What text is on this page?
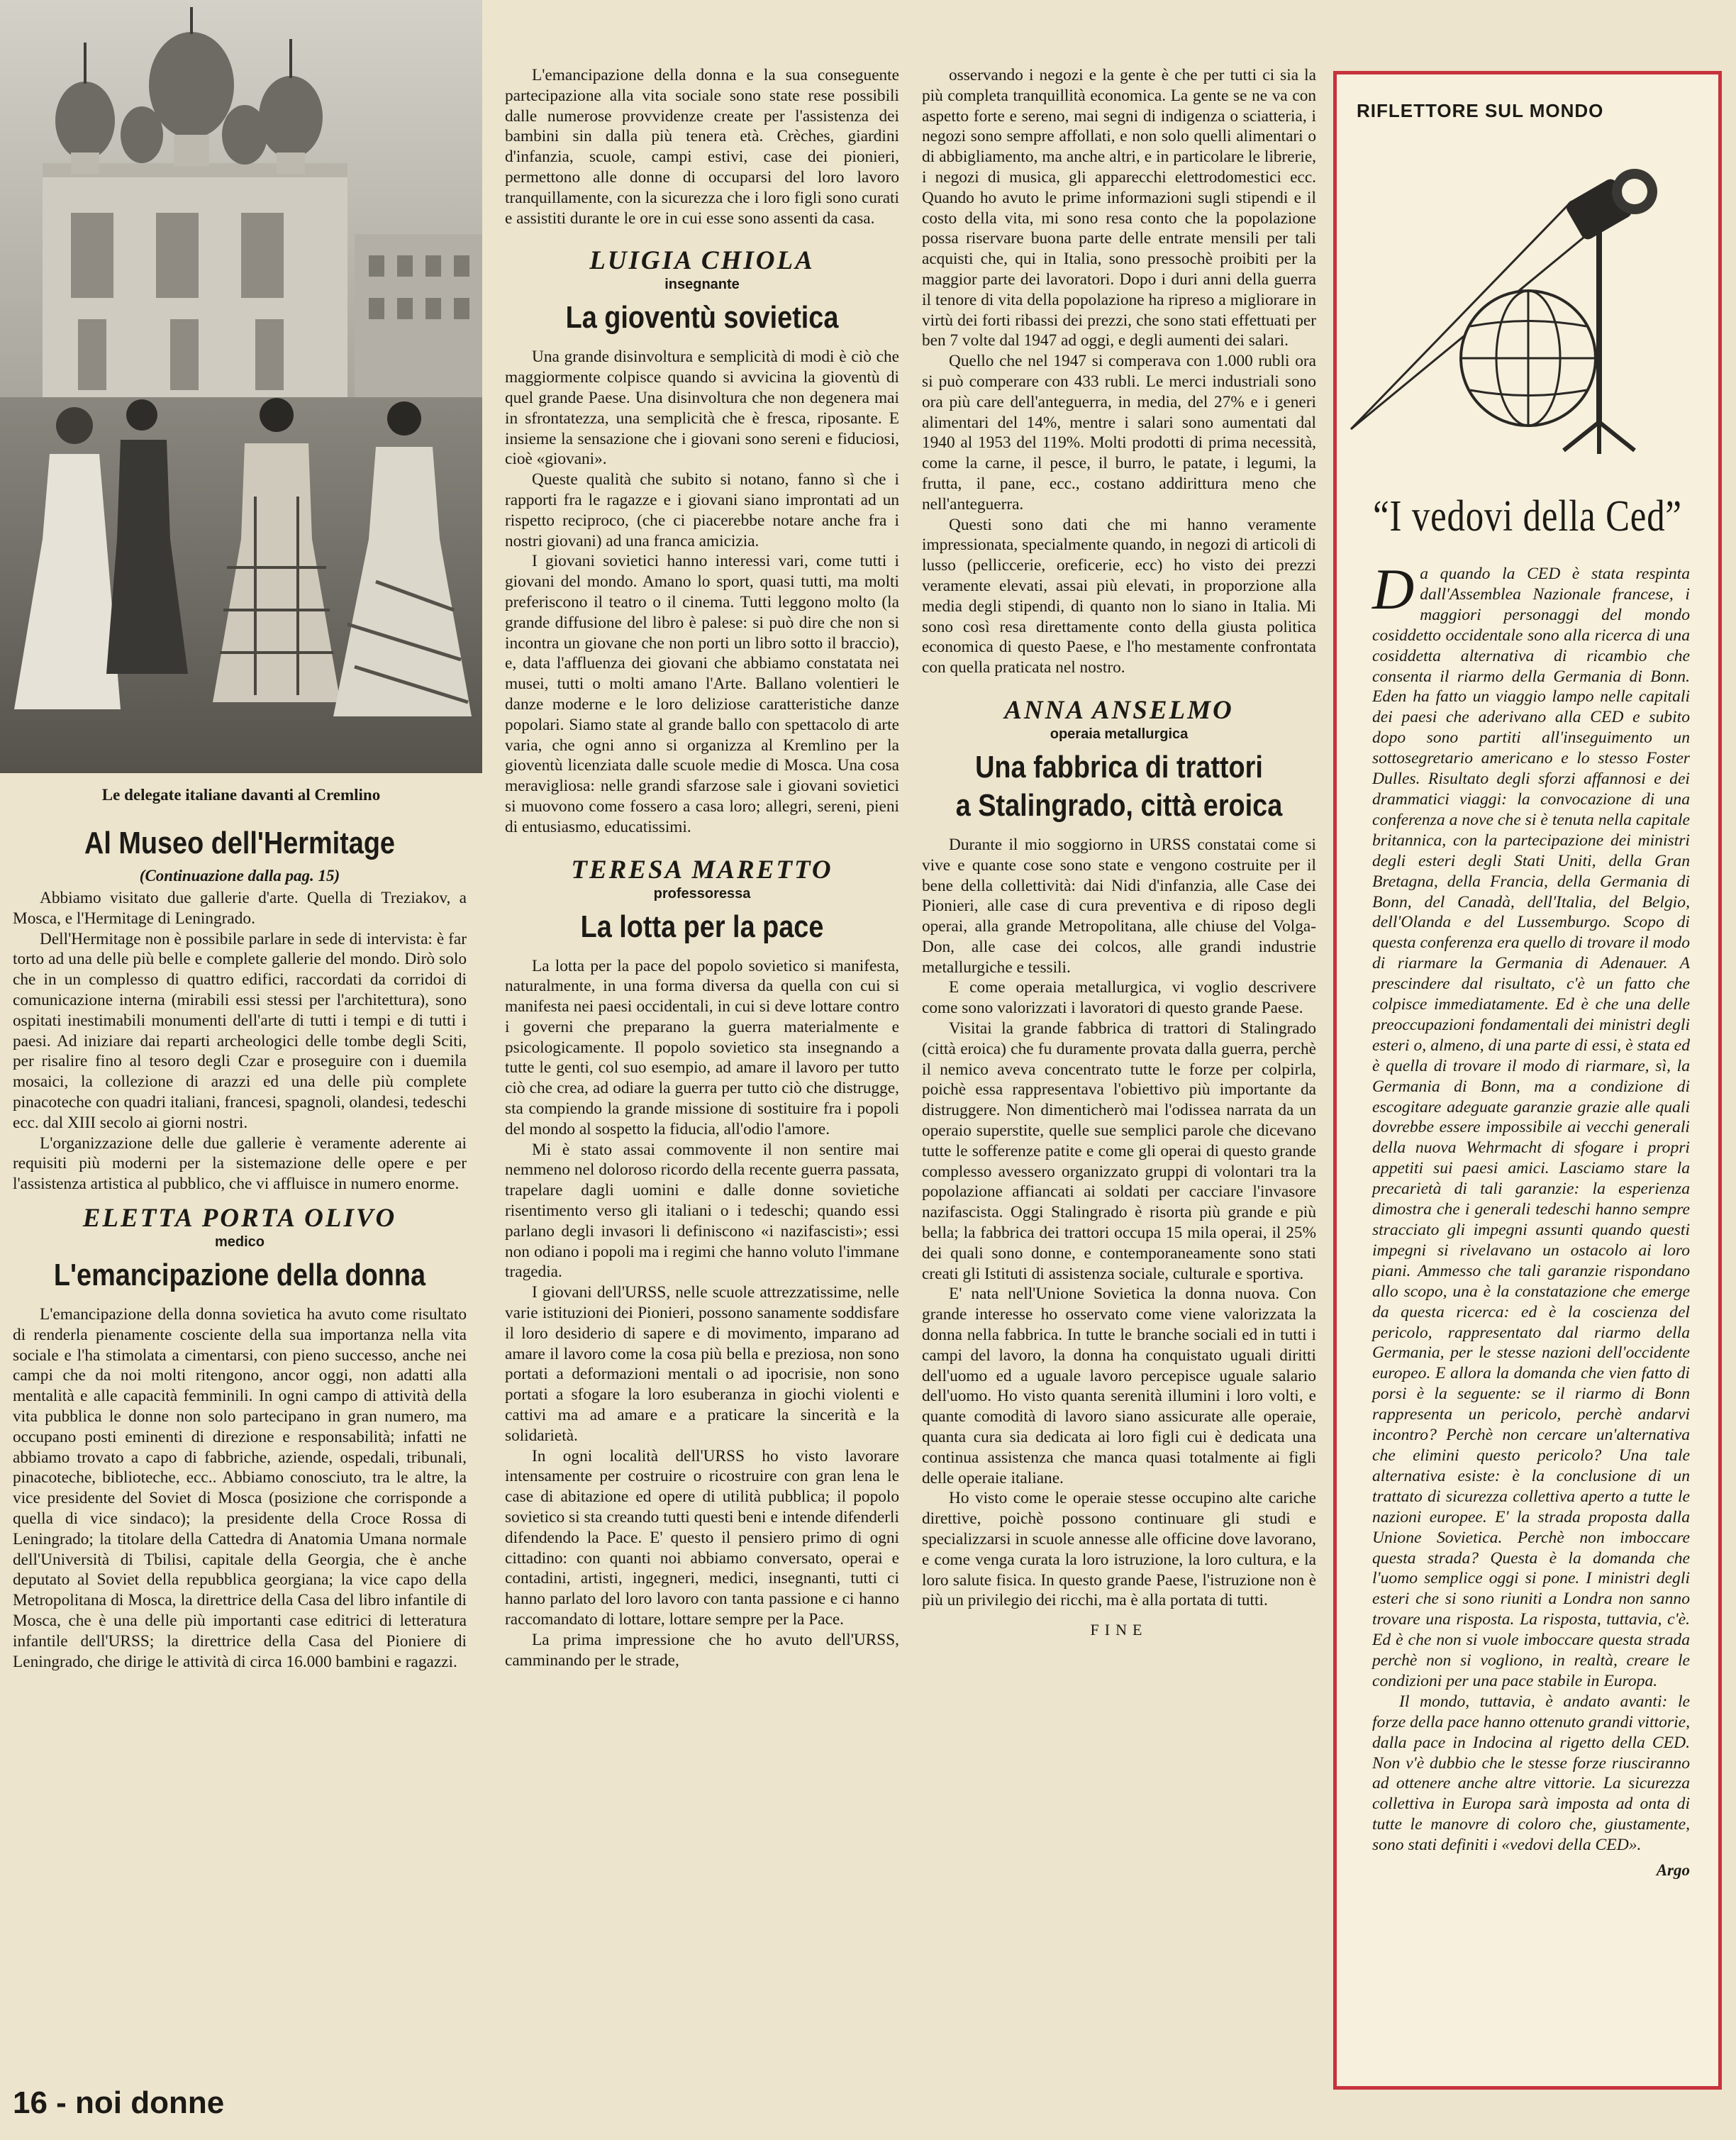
Le delegate italiane davanti al Cremlino
Al Museo dell'Hermitage
(Continuazione dalla pag. 15)

Abbiamo visitato due gallerie d'arte. Quella di Treziakov, a Mosca, e l'Hermitage di Leningrado.

Dell'Hermitage non è possibile parlare in sede di intervista: è far torto ad una delle più belle e complete gallerie del mondo. Dirò solo che in un complesso di quattro edifici, raccordati da corridoi di comunicazione interna (mirabili essi stessi per l'architettura), sono ospitati inestimabili monumenti dell'arte di tutti i tempi e di tutti i paesi. Ad iniziare dai reparti archeologici delle tombe degli Sciti, per risalire fino al tesoro degli Czar e proseguire con i duemila mosaici, la collezione di arazzi ed una delle più complete pinacoteche con quadri italiani, francesi, spagnoli, olandesi, tedeschi ecc. dal XIII secolo ai giorni nostri.

L'organizzazione delle due gallerie è veramente aderente ai requisiti più moderni per la sistemazione delle opere e per l'assistenza artistica al pubblico, che vi affluisce in numero enorme.

ELETTA PORTA OLIVO
medico
L'emancipazione della donna

L'emancipazione della donna sovietica ha avuto come risultato di renderla pienamente cosciente della sua importanza nella vita sociale e l'ha stimolata a cimentarsi, con pieno successo, anche nei campi che da noi molti ritengono, ancor oggi, non adatti alla mentalità e alle capacità femminili. In ogni campo di attività della vita pubblica le donne non solo partecipano in gran numero, ma occupano posti eminenti di direzione e responsabilità; infatti ne abbiamo trovato a capo di fabbriche, aziende, ospedali, tribunali, pinacoteche, biblioteche, ecc.. Abbiamo conosciuto, tra le altre, la vice presidente del Soviet di Mosca (posizione che corrisponde a quella di vice sindaco); la presidente della Croce Rossa di Leningrado; la titolare della Cattedra di Anatomia Umana normale dell'Università di Tbilisi, capitale della Georgia, che è anche deputato al Soviet della repubblica georgiana; la vice capo della Metropolitana di Mosca, la direttrice della Casa del libro infantile di Mosca, che è una delle più importanti case editrici di letteratura infantile dell'URSS; la direttrice della Casa del Pioniere di Leningrado, che dirige le attività di circa 16.000 bambini e ragazzi.

16 - noi donne

L'emancipazione della donna e la sua conseguente partecipazione alla vita sociale sono state rese possibili dalle numerose provvidenze create per l'assistenza dei bambini sin dalla più tenera età. Crèches, giardini d'infanzia, scuole, campi estivi, case dei pionieri, permettono alle donne di occuparsi del loro lavoro tranquillamente, con la sicurezza che i loro figli sono curati e assistiti durante le ore in cui esse sono assenti da casa.

LUIGIA CHIOLA
insegnante
La gioventù sovietica

Una grande disinvoltura e semplicità di modi è ciò che maggiormente colpisce quando si avvicina la gioventù di quel grande Paese. Una disinvoltura che non degenera mai in sfrontatezza, una semplicità che è fresca, riposante. E insieme la sensazione che i giovani sono sereni e fiduciosi, cioè «giovani».

Queste qualità che subito si notano, fanno sì che i rapporti fra le ragazze e i giovani siano improntati ad un rispetto reciproco, (che ci piacerebbe notare anche fra i nostri giovani) ad una franca amicizia.

I giovani sovietici hanno interessi vari, come tutti i giovani del mondo. Amano lo sport, quasi tutti, ma molti preferiscono il teatro o il cinema. Tutti leggono molto (la grande diffusione del libro è palese: si può dire che non si incontra un giovane che non porti un libro sotto il braccio), e, data l'affluenza dei giovani che abbiamo constatata nei musei, tutti o molti amano l'Arte. Ballano volentieri le danze moderne e le loro deliziose caratteristiche danze popolari. Siamo state al grande ballo con spettacolo di arte varia, che ogni anno si organizza al Kremlino per la gioventù licenziata dalle scuole medie di Mosca. Una cosa meravigliosa: nelle grandi sfarzose sale i giovani sovietici si muovono come fossero a casa loro; allegri, sereni, pieni di entusiasmo, educatissimi.

TERESA MARETTO
professoressa
La lotta per la pace

La lotta per la pace del popolo sovietico si manifesta, naturalmente, in una forma diversa da quella con cui si manifesta nei paesi occidentali, in cui si deve lottare contro i governi che preparano la guerra materialmente e psicologicamente. Il popolo sovietico sta insegnando a tutte le genti, col suo esempio, ad amare il lavoro per tutto ciò che crea, ad odiare la guerra per tutto ciò che distrugge, sta compiendo la grande missione di sostituire fra i popoli del mondo al sospetto la fiducia, all'odio l'amore.

Mi è stato assai commovente il non sentire mai nemmeno nel doloroso ricordo della recente guerra passata, trapelare dagli uomini e dalle donne sovietiche risentimento verso gli italiani o i tedeschi; quando essi parlano degli invasori li definiscono «i nazifascisti»; essi non odiano i popoli ma i regimi che hanno voluto l'immane tragedia.

I giovani dell'URSS, nelle scuole attrezzatissime, nelle varie istituzioni dei Pionieri, possono sanamente soddisfare il loro desiderio di sapere e di movimento, imparano ad amare il lavoro come la cosa più bella e preziosa, non sono portati a deformazioni mentali o ad ipocrisie, non sono portati a sfogare la loro esuberanza in giochi violenti e cattivi ma ad amare e a praticare la sincerità e la solidarietà.

In ogni località dell'URSS ho visto lavorare intensamente per costruire o ricostruire con gran lena le case di abitazione ed opere di utilità pubblica; il popolo sovietico si sta creando tutti questi beni e intende difenderli difendendo la Pace. E' questo il pensiero primo di ogni cittadino: con quanti noi abbiamo conversato, operai e contadini, artisti, ingegneri, medici, insegnanti, tutti ci hanno parlato del loro lavoro con tanta passione e ci hanno raccomandato di lottare, lottare sempre per la Pace.

La prima impressione che ho avuto dell'URSS, camminando per le strade,

osservando i negozi e la gente è che per tutti ci sia la più completa tranquillità economica. La gente se ne va con aspetto forte e sereno, mai segni di indigenza o sciatteria, i negozi sono sempre affollati, e non solo quelli alimentari o di abbigliamento, ma anche altri, e in particolare le librerie, i negozi di musica, gli apparecchi elettrodomestici ecc. Quando ho avuto le prime informazioni sugli stipendi e il costo della vita, mi sono resa conto che la popolazione possa riservare buona parte delle entrate mensili per tali acquisti che, qui in Italia, sono pressochè proibiti per la maggior parte dei lavoratori. Dopo i duri anni della guerra il tenore di vita della popolazione ha ripreso a migliorare in virtù dei forti ribassi dei prezzi, che sono stati effettuati per ben 7 volte dal 1947 ad oggi, e degli aumenti dei salari.

Quello che nel 1947 si comperava con 1.000 rubli ora si può comperare con 433 rubli. Le merci industriali sono ora più care dell'anteguerra, in media, del 27% e i generi alimentari del 14%, mentre i salari sono aumentati dal 1940 al 1953 del 119%. Molti prodotti di prima necessità, come la carne, il pesce, il burro, le patate, i legumi, la frutta, il pane, ecc., costano addirittura meno che nell'anteguerra.

Questi sono dati che mi hanno veramente impressionata, specialmente quando, in negozi di articoli di lusso (pelliccerie, oreficerie, ecc) ho visto dei prezzi veramente elevati, assai più elevati, in proporzione alla media degli stipendi, di quanto non lo siano in Italia. Mi sono così resa direttamente conto della giusta politica economica di questo Paese, e l'ho mestamente confrontata con quella praticata nel nostro.

ANNA ANSELMO
operaia metallurgica
Una fabbrica di trattori
a Stalingrado, città eroica

Durante il mio soggiorno in URSS constatai come si vive e quante cose sono state e vengono costruite per il bene della collettività: dai Nidi d'infanzia, alle Case dei Pionieri, alle case di cura preventiva e di riposo degli operai, alla grande Metropolitana, alle chiuse del Volga-Don, alle case dei colcos, alle grandi industrie metallurgiche e tessili.

E come operaia metallurgica, vi voglio descrivere come sono valorizzati i lavoratori di questo grande Paese.

Visitai la grande fabbrica di trattori di Stalingrado (città eroica) che fu duramente provata dalla guerra, perchè il nemico aveva concentrato tutte le forze per colpirla, poichè essa rappresentava l'obiettivo più importante da distruggere. Non dimenticherò mai l'odissea narrata da un operaio superstite, quelle sue semplici parole che dicevano tutte le sofferenze patite e come gli operai di questo grande complesso avessero organizzato gruppi di volontari tra la popolazione affiancati ai soldati per cacciare l'invasore nazifascista. Oggi Stalingrado è risorta più grande e più bella; la fabbrica dei trattori occupa 15 mila operai, il 25% dei quali sono donne, e contemporaneamente sono stati creati gli Istituti di assistenza sociale, culturale e sportiva.

E' nata nell'Unione Sovietica la donna nuova. Con grande interesse ho osservato come viene valorizzata la donna nella fabbrica. In tutte le branche sociali ed in tutti i campi del lavoro, la donna ha conquistato uguali diritti dell'uomo ed a uguale lavoro percepisce uguale salario dell'uomo. Ho visto quanta serenità illumini i loro volti, e quante comodità di lavoro siano assicurate alle operaie, quanta cura sia dedicata ai loro figli cui è dedicata una continua assistenza che manca quasi totalmente ai figli delle operaie italiane.

Ho visto come le operaie stesse occupino alte cariche direttive, poichè possono continuare gli studi e specializzarsi in scuole annesse alle officine dove lavorano, e come venga curata la loro istruzione, la loro cultura, e la loro salute fisica. In questo grande Paese, l'istruzione non è più un privilegio dei ricchi, ma è alla portata di tutti.

FINE
RIFLETTORE SUL MONDO
“I vedovi della Ced”

Da quando la CED è stata respinta dall'Assemblea Nazionale francese, i maggiori personaggi del mondo cosiddetto occidentale sono alla ricerca di una cosiddetta alternativa di ricambio che consenta il riarmo della Germania di Bonn. Eden ha fatto un viaggio lampo nelle capitali dei paesi che aderivano alla CED e subito dopo sono partiti all'inseguimento un sottosegretario americano e lo stesso Foster Dulles. Risultato degli sforzi affannosi e dei drammatici viaggi: la convocazione di una conferenza a nove che si è tenuta nella capitale britannica, con la partecipazione dei ministri degli esteri degli Stati Uniti, della Gran Bretagna, della Francia, della Germania di Bonn, del Canadà, dell'Italia, del Belgio, dell'Olanda e del Lussemburgo. Scopo di questa conferenza era quello di trovare il modo di riarmare la Germania di Adenauer. A prescindere dal risultato, c'è un fatto che colpisce immediatamente. Ed è che una delle preoccupazioni fondamentali dei ministri degli esteri o, almeno, di una parte di essi, è stata ed è quella di trovare il modo di riarmare, sì, la Germania di Bonn, ma a condizione di escogitare adeguate garanzie grazie alle quali dovrebbe essere impossibile ai vecchi generali della nuova Wehrmacht di sfogare i propri appetiti sui paesi amici. Lasciamo stare la precarietà di tali garanzie: la esperienza dimostra che i generali tedeschi hanno sempre stracciato gli impegni assunti quando questi impegni si rivelavano un ostacolo ai loro piani. Ammesso che tali garanzie rispondano allo scopo, una è la constatazione che emerge da questa ricerca: ed è la coscienza del pericolo, rappresentato dal riarmo della Germania, per le stesse nazioni dell'occidente europeo. E allora la domanda che vien fatto di porsi è la seguente: se il riarmo di Bonn rappresenta un pericolo, perchè andarvi incontro? Perchè non cercare un'alternativa che elimini questo pericolo? Una tale alternativa esiste: è la conclusione di un trattato di sicurezza collettiva aperto a tutte le nazioni europee. E' la strada proposta dalla Unione Sovietica. Perchè non imboccare questa strada? Questa è la domanda che l'uomo semplice oggi si pone. I ministri degli esteri che si sono riuniti a Londra non sanno trovare una risposta. La risposta, tuttavia, c'è. Ed è che non si vuole imboccare questa strada perchè non si vogliono, in realtà, creare le condizioni per una pace stabile in Europa.

Il mondo, tuttavia, è andato avanti: le forze della pace hanno ottenuto grandi vittorie, dalla pace in Indocina al rigetto della CED. Non v'è dubbio che le stesse forze riusciranno ad ottenere anche altre vittorie. La sicurezza collettiva in Europa sarà imposta ad onta di tutte le manovre di coloro che, giustamente, sono stati definiti i «vedovi della CED».

Argo
